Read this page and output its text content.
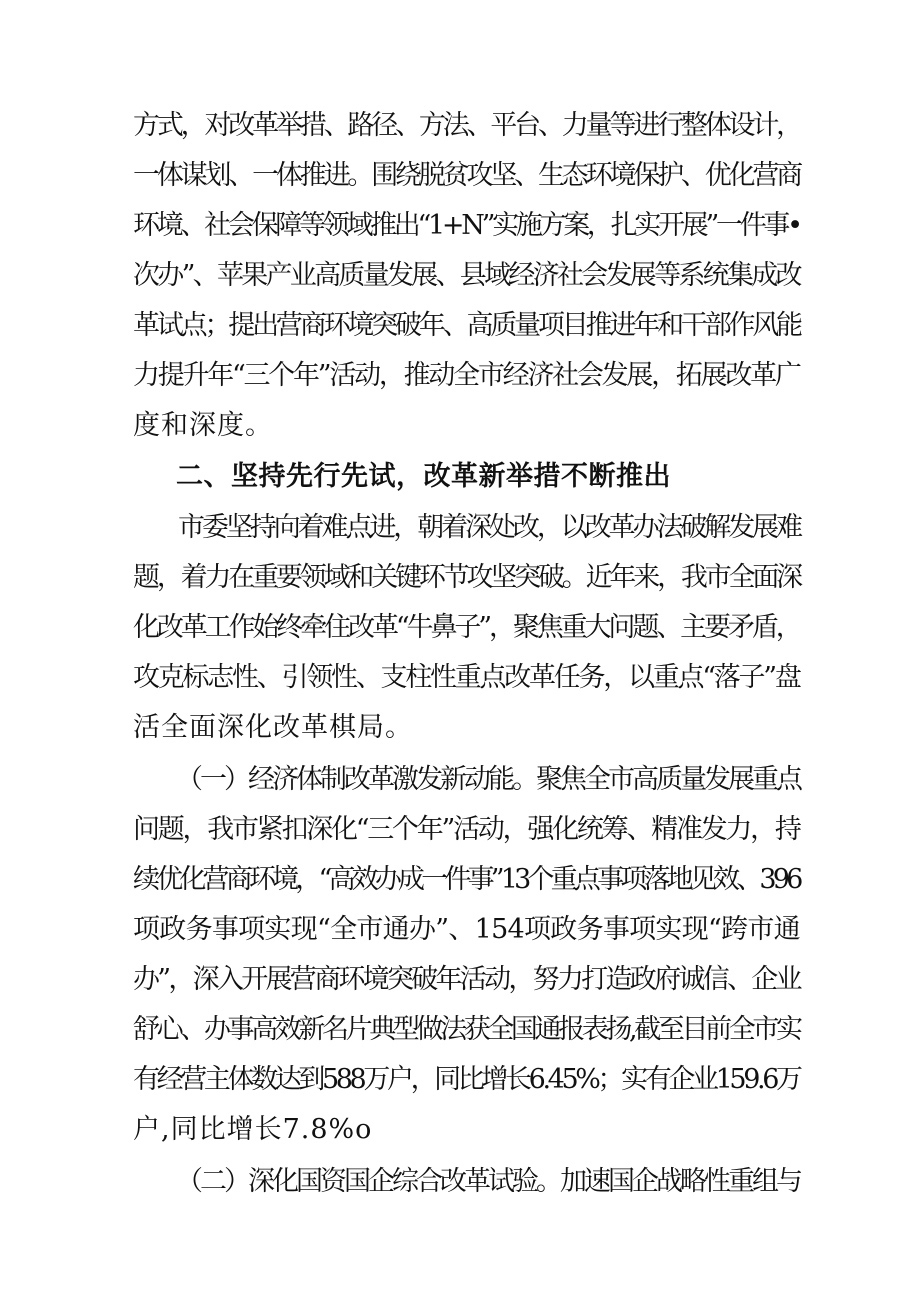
方式，对改革举措、路径、方法、平台、力量等进行整体设计，
一体谋划、一体推进。围绕脱贫攻坚、生态环境保护、优化营商
环境、社会保障等领域推出“1+N”实施方案，扎实开展”一件事•
次办”、苹果产业高质量发展、县域经济社会发展等系统集成改
革试点；提出营商环境突破年、高质量项目推进年和干部作风能
力提升年“三个年”活动，推动全市经济社会发展，拓展改革广
度和深度。
二、坚持先行先试，改革新举措不断推出
市委坚持向着难点进，朝着深处改，以改革办法破解发展难
题，着力在重要领域和关键环节攻坚突破。近年来，我市全面深
化改革工作始终牵住改革“牛鼻子”，聚焦重大问题、主要矛盾，
攻克标志性、引领性、支柱性重点改革任务，以重点“落子”盘
活全面深化改革棋局。
（一）经济体制改革激发新动能。聚焦全市高质量发展重点
问题，我市紧扣深化“三个年”活动，强化统筹、精准发力，持
续优化营商环境，“高效办成一件事”13个重点事项落地见效、396
项政务事项实现“全市通办”、154项政务事项实现“跨市通
办”，深入开展营商环境突破年活动，努力打造政府诚信、企业
舒心、办事高效新名片典型做法获全国通报表扬,截至目前全市实
有经营主体数达到588万户，同比增长6.45%；实有企业159.6万
户,同比增长7.8%o
（二）深化国资国企综合改革试验。加速国企战略性重组与
